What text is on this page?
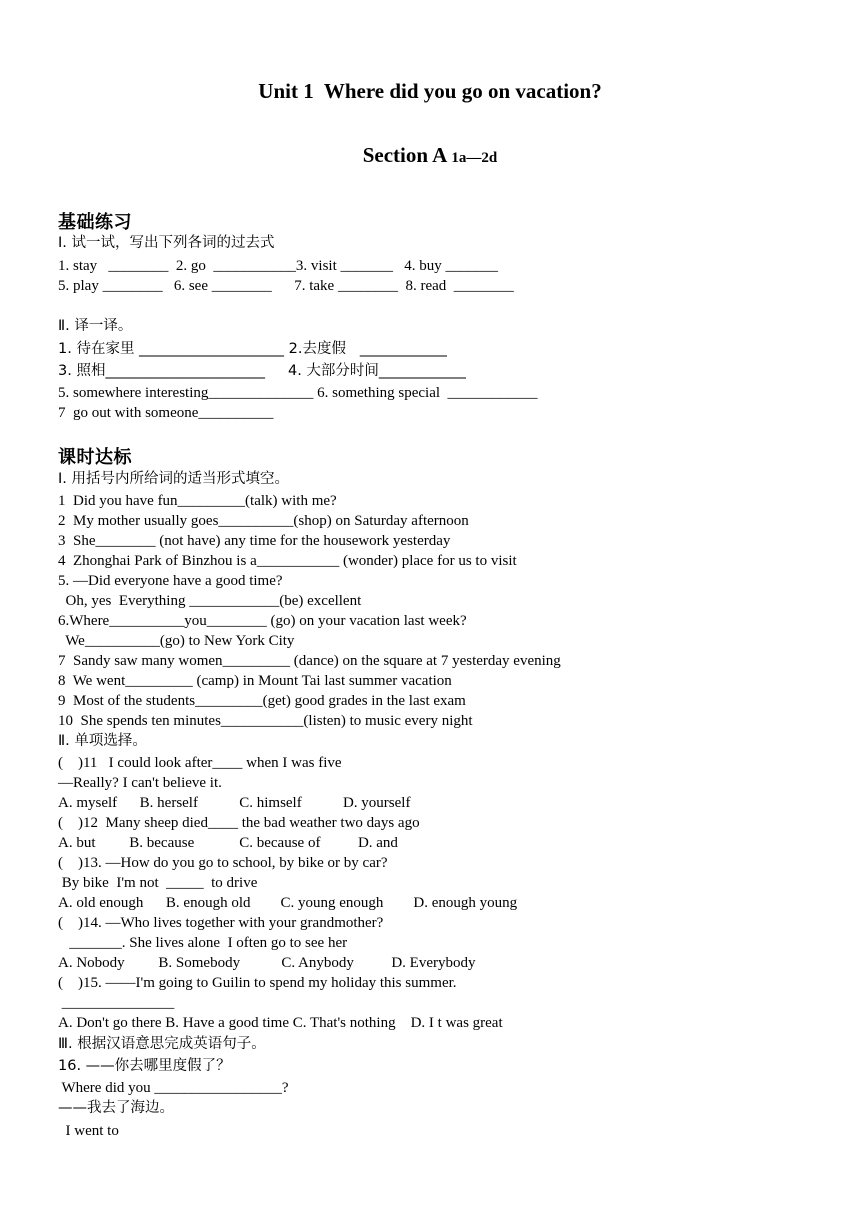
Unit 1  Where did you go on vacation?
Section A 1a—2d
基础练习
Ⅰ. 试一试，写出下列各词的过去式
1. stay   ________  2. go  ___________3. visit _______   4. buy _______
5. play ________   6. see ________      7. take ________  8. read  ________
Ⅱ. 译一译。
1. 待在家里 ____________________ 2.去度假   ____________
3. 照相______________________     4. 大部分时间____________
5. somewhere interesting______________ 6. something special  ____________
7  go out with someone__________
课时达标
Ⅰ. 用括号内所给词的适当形式填空。
1  Did you have fun_________(talk) with me?
2  My mother usually goes__________(shop) on Saturday afternoon
3  She________ (not have) any time for the housework yesterday
4  Zhonghai Park of Binzhou is a___________ (wonder) place for us to visit
5. —Did everyone have a good time?
Oh, yes  Everything ____________(be) excellent
6.Where__________you________ (go) on your vacation last week?
We__________(go) to New York City
7  Sandy saw many women_________ (dance) on the square at 7 yesterday evening
8  We went_________ (camp) in Mount Tai last summer vacation
9  Most of the students_________(get) good grades in the last exam
10  She spends ten minutes___________(listen) to music every night
Ⅱ. 单项选择。
(    )11   I could look after____ when I was five
—Really? I can't believe it.
A. myself      B. herself           C. himself           D. yourself
(    )12  Many sheep died____ the bad weather two days ago
A. but         B. because            C. because of          D. and
(    )13. —How do you go to school, by bike or by car?
By bike  I'm not  _____  to drive
A. old enough      B. enough old        C. young enough        D. enough young
(    )14. —Who lives together with your grandmother?
_______. She lives alone  I often go to see her
A. Nobody         B. Somebody           C. Anybody          D. Everybody
(    )15. ——I'm going to Guilin to spend my holiday this summer.
_______________
A. Don't go there B. Have a good time C. That's nothing    D. I t was great
Ⅲ. 根据汉语意思完成英语句子。
16. ——你去哪里度假了？
Where did you _________________?
——我去了海边。
I went to
